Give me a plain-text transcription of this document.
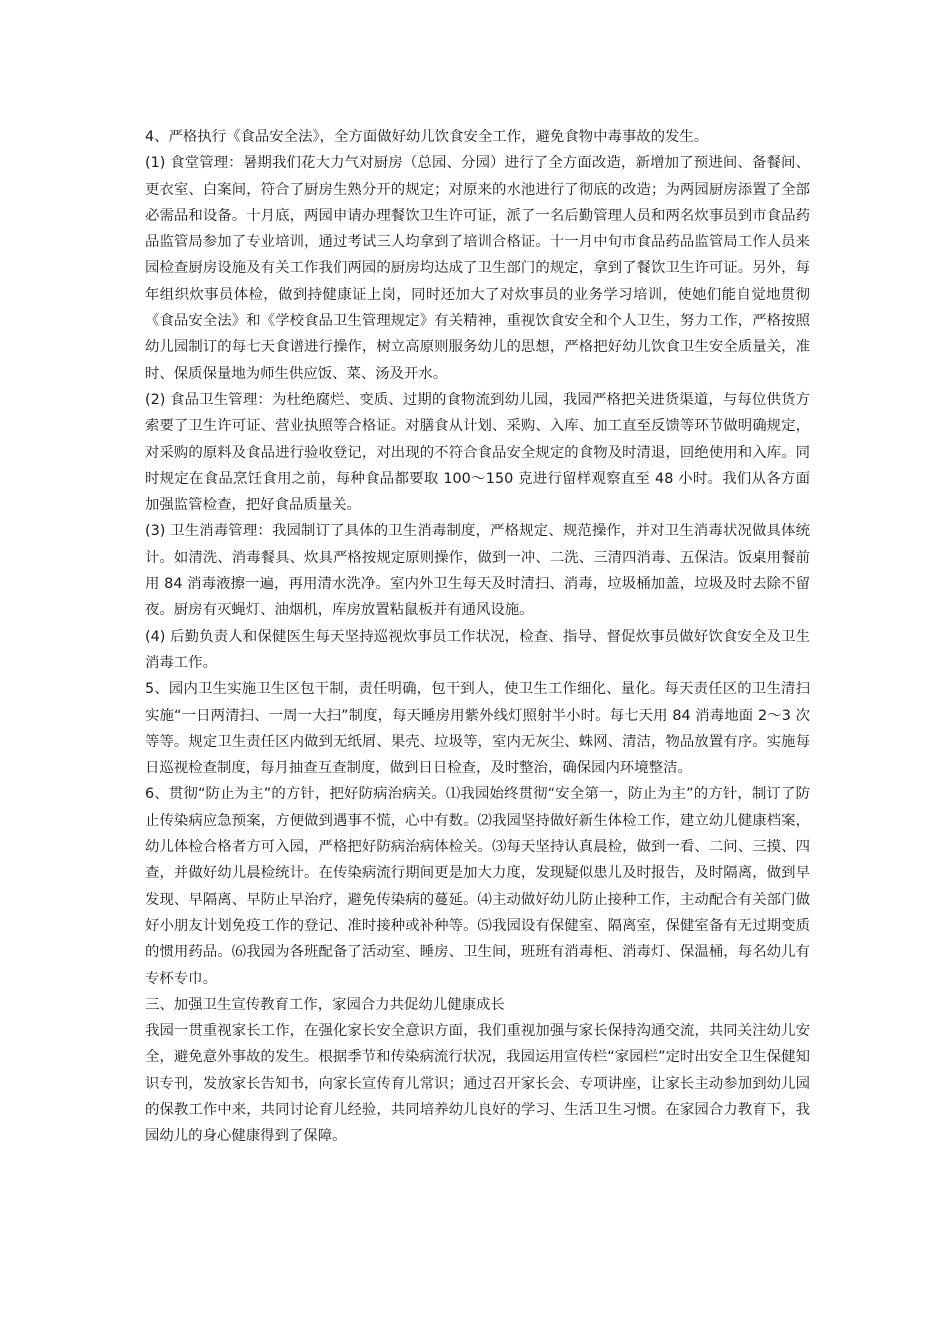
4、严格执行《食品安全法》，全方面做好幼儿饮食安全工作，避免食物中毒事故的发生。

(1) 食堂管理：暑期我们花大力气对厨房（总园、分园）进行了全方面改造，新增加了预进间、备餐间、更衣室、白案间，符合了厨房生熟分开的规定；对原来的水池进行了彻底的改造；为两园厨房添置了全部必需品和设备。十月底，两园申请办理餐饮卫生许可证，派了一名后勤管理人员和两名炊事员到市食品药品监管局参加了专业培训，通过考试三人均拿到了培训合格证。十一月中旬市食品药品监管局工作人员来园检查厨房设施及有关工作我们两园的厨房均达成了卫生部门的规定，拿到了餐饮卫生许可证。另外，每年组织炊事员体检，做到持健康证上岗，同时还加大了对炊事员的业务学习培训，使她们能自觉地贯彻《食品安全法》和《学校食品卫生管理规定》有关精神，重视饮食安全和个人卫生，努力工作，严格按照幼儿园制订的每七天食谱进行操作，树立高原则服务幼儿的思想，严格把好幼儿饮食卫生安全质量关，准时、保质保量地为师生供应饭、菜、汤及开水。

(2) 食品卫生管理：为杜绝腐烂、变质、过期的食物流到幼儿园，我园严格把关进货渠道，与每位供货方索要了卫生许可证、营业执照等合格证。对膳食从计划、采购、入库、加工直至反馈等环节做明确规定，对采购的原料及食品进行验收登记，对出现的不符合食品安全规定的食物及时清退，回绝使用和入库。同时规定在食品烹饪食用之前，每种食品都要取 100～150 克进行留样观察直至 48 小时。我们从各方面加强监管检查，把好食品质量关。

(3) 卫生消毒管理：我园制订了具体的卫生消毒制度，严格规定、规范操作，并对卫生消毒状况做具体统计。如清洗、消毒餐具、炊具严格按规定原则操作，做到一冲、二洗、三清四消毒、五保洁。饭桌用餐前用 84 消毒液擦一遍，再用清水洗净。室内外卫生每天及时清扫、消毒，垃圾桶加盖，垃圾及时去除不留夜。厨房有灭蝇灯、油烟机，库房放置粘鼠板并有通风设施。

(4) 后勤负责人和保健医生每天坚持巡视炊事员工作状况，检查、指导、督促炊事员做好饮食安全及卫生消毒工作。

5、园内卫生实施卫生区包干制，责任明确，包干到人，使卫生工作细化、量化。每天责任区的卫生清扫实施“一日两清扫、一周一大扫”制度，每天睡房用紫外线灯照射半小时。每七天用 84 消毒地面 2～3 次等等。规定卫生责任区内做到无纸屑、果壳、垃圾等，室内无灰尘、蛛网、清洁，物品放置有序。实施每日巡视检查制度，每月抽查互查制度，做到日日检查，及时整治，确保园内环境整洁。

6、贯彻“防止为主”的方针，把好防病治病关。⑴我园始终贯彻“安全第一，防止为主”的方针，制订了防止传染病应急预案，方便做到遇事不慌，心中有数。⑵我园坚持做好新生体检工作，建立幼儿健康档案，幼儿体检合格者方可入园，严格把好防病治病体检关。⑶每天坚持认真晨检，做到一看、二问、三摸、四查，并做好幼儿晨检统计。在传染病流行期间更是加大力度，发现疑似患儿及时报告，及时隔离，做到早发现、早隔离、早防止早治疗，避免传染病的蔓延。⑷主动做好幼儿防止接种工作，主动配合有关部门做好小朋友计划免疫工作的登记、准时接种或补种等。⑸我园设有保健室、隔离室，保健室备有无过期变质的惯用药品。⑹我园为各班配备了活动室、睡房、卫生间，班班有消毒柜、消毒灯、保温桶，每名幼儿有专杯专巾。

三、加强卫生宣传教育工作，家园合力共促幼儿健康成长

我园一贯重视家长工作，在强化家长安全意识方面，我们重视加强与家长保持沟通交流，共同关注幼儿安全，避免意外事故的发生。根据季节和传染病流行状况，我园运用宣传栏“家园栏”定时出安全卫生保健知识专刊，发放家长告知书，向家长宣传育儿常识；通过召开家长会、专项讲座，让家长主动参加到幼儿园的保教工作中来，共同讨论育儿经验，共同培养幼儿良好的学习、生活卫生习惯。在家园合力教育下，我园幼儿的身心健康得到了保障。
